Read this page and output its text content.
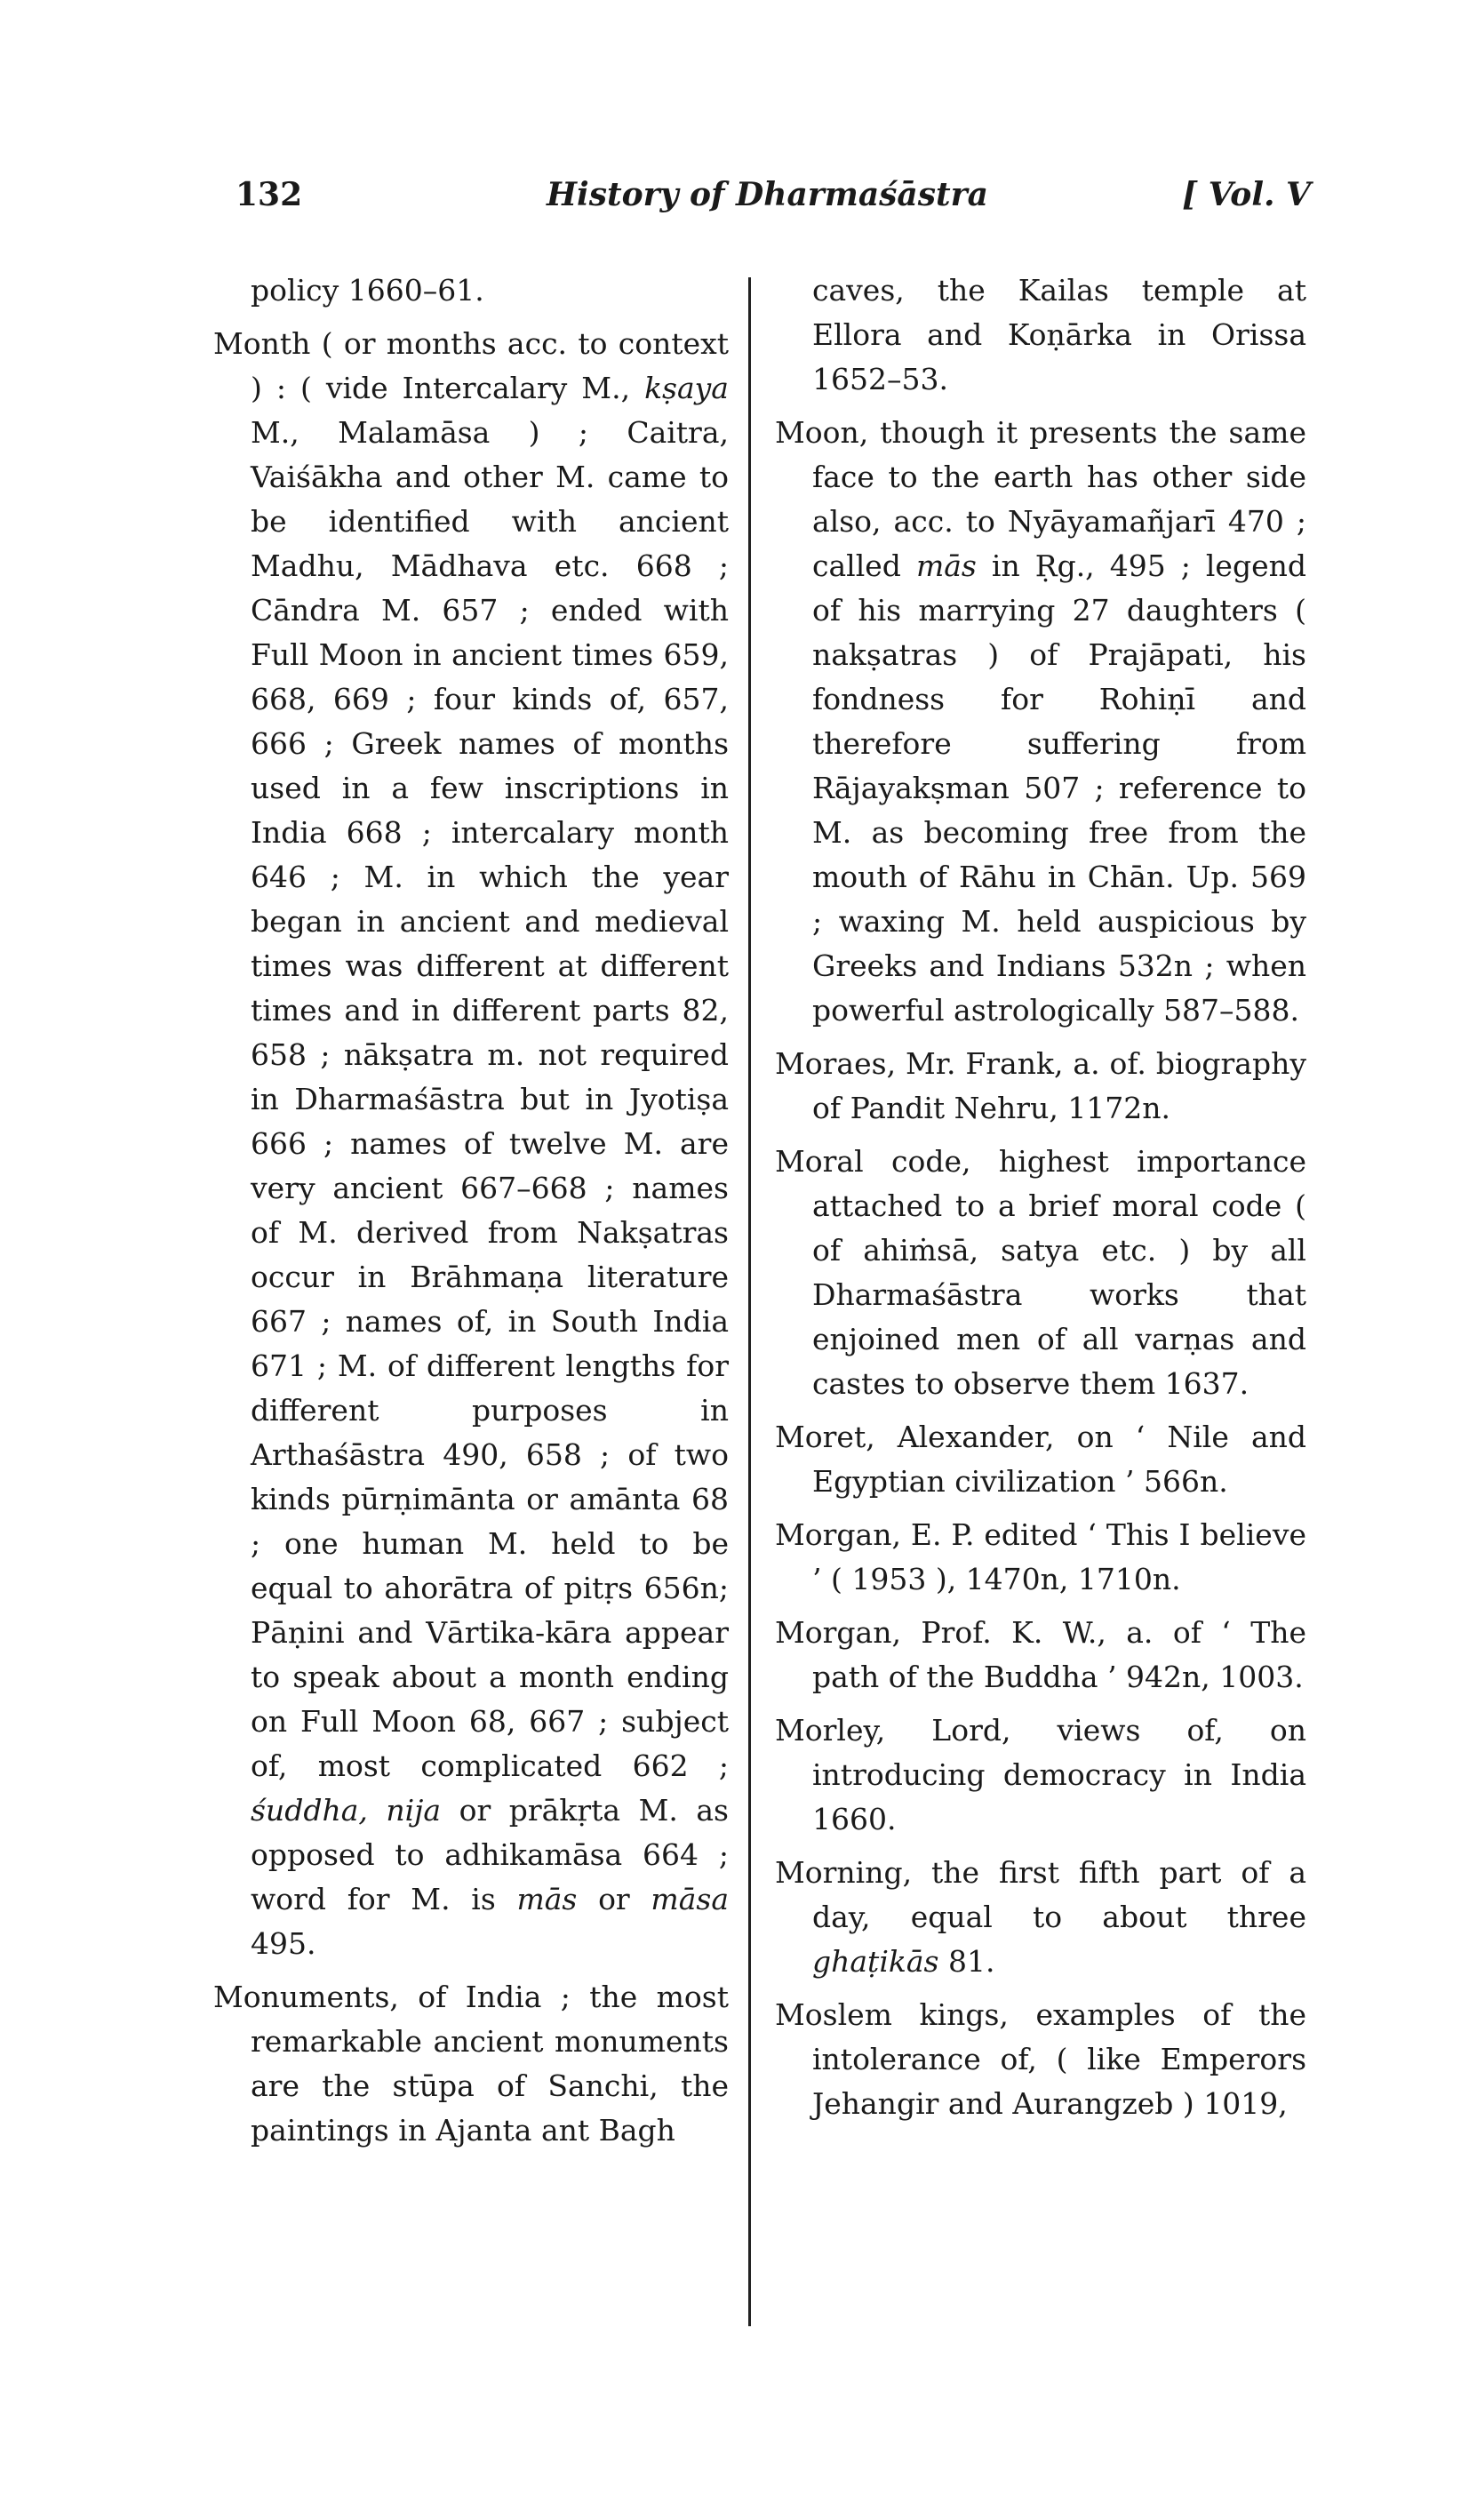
132	History of Dharmaśāstra	[ Vol. V
policy 1660–61.
Month ( or months acc. to context ) : ( vide Intercalary M., kṣaya M., Malamāsa ) ; Caitra, Vaiśākha and other M. came to be identified with ancient Madhu, Mādhava etc. 668 ; Cāndra M. 657 ; ended with Full Moon in ancient times 659, 668, 669 ; four kinds of, 657, 666 ; Greek names of months used in a few inscriptions in India 668 ; intercalary month 646 ; M. in which the year began in ancient and medieval times was different at different times and in different parts 82, 658 ; nākṣatra m. not required in Dharmaśāstra but in Jyotiṣa 666 ; names of twelve M. are very ancient 667–668 ; names of M. derived from Nakṣatras occur in Brāhmaṇa literature 667 ; names of, in South India 671 ; M. of different lengths for different purposes in Arthaśāstra 490, 658 ; of two kinds pūrṇimānta or amānta 68 ; one human M. held to be equal to ahorātra of pitṛs 656n; Pāṇini and Vārtika-kāra appear to speak about a month ending on Full Moon 68, 667 ; subject of, most complicated 662 ; śuddha, nija or prākṛta M. as opposed to adhikamāsa 664 ; word for M. is mās or māsa 495.
Monuments, of India ; the most remarkable ancient monuments are the stūpa of Sanchi, the paintings in Ajanta ant Bagh
caves, the Kailas temple at Ellora and Koṇārka in Orissa 1652–53.
Moon, though it presents the same face to the earth has other side also, acc. to Nyāyamañjarī 470 ; called mās in Ṛg., 495 ; legend of his marrying 27 daughters ( nakṣatras ) of Prajāpati, his fondness for Rohiṇī and therefore suffering from Rājayakṣman 507 ; reference to M. as becoming free from the mouth of Rāhu in Chān. Up. 569 ; waxing M. held auspicious by Greeks and Indians 532n ; when powerful astrologically 587–588.
Moraes, Mr. Frank, a. of. biography of Pandit Nehru, 1172n.
Moral code, highest importance attached to a brief moral code ( of ahiṁsā, satya etc. ) by all Dharmaśāstra works that enjoined men of all varṇas and castes to observe them 1637.
Moret, Alexander, on ‘ Nile and Egyptian civilization ’ 566n.
Morgan, E. P. edited ‘ This I believe ’ ( 1953 ), 1470n, 1710n.
Morgan, Prof. K. W., a. of ‘ The path of the Buddha ’ 942n, 1003.
Morley, Lord, views of, on introducing democracy in India 1660.
Morning, the first fifth part of a day, equal to about three ghaṭikās 81.
Moslem kings, examples of the intolerance of, ( like Emperors Jehangir and Aurangzeb ) 1019,
